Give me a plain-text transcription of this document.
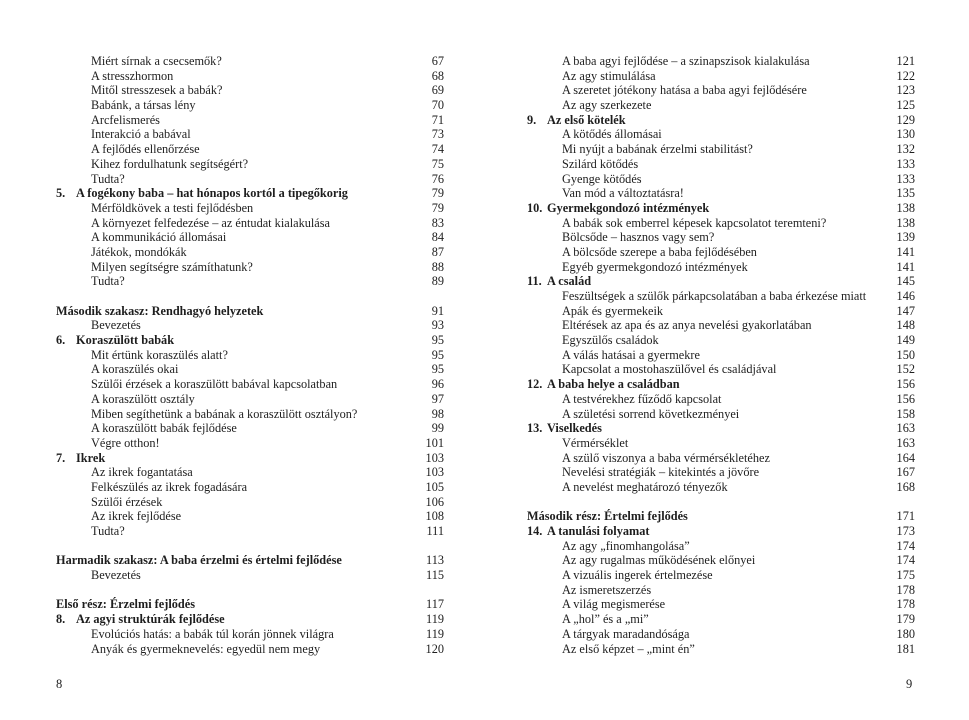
Miért sírnak a csecsemők?	67
A stresszhormon	68
Mitől stresszesek a babák?	69
Babánk, a társas lény	70
Arcfelismerés	71
Interakció a babával	73
A fejlődés ellenőrzése	74
Kihez fordulhatunk segítségért?	75
Tudta?	76
5. A fogékony baba – hat hónapos kortól a tipegőkorig	79
Mérföldkövek a testi fejlődésben	79
A környezet felfedezése – az éntudat kialakulása	83
A kommunikáció állomásai	84
Játékok, mondókák	87
Milyen segítségre számíthatunk?	88
Tudta?	89
Második szakasz: Rendhagyó helyzetek	91
Bevezetés	93
6. Koraszülött babák	95
Mit értünk koraszülés alatt?	95
A koraszülés okai	95
Szülői érzések a koraszülött babával kapcsolatban	96
A koraszülött osztály	97
Miben segíthetünk a babának a koraszülött osztályon?	98
A koraszülött babák fejlődése	99
Végre otthon!	101
7. Ikrek	103
Az ikrek fogantatása	103
Felkészülés az ikrek fogadására	105
Szülői érzések	106
Az ikrek fejlődése	108
Tudta?	111
Harmadik szakasz: A baba érzelmi és értelmi fejlődése	113
Bevezetés	115
Első rész: Érzelmi fejlődés	117
8. Az agyi struktúrák fejlődése	119
Evolúciós hatás: a babák túl korán jönnek világra	119
Anyák és gyermeknevelés: egyedül nem megy	120
A baba agyi fejlődése – a szinapszisok kialakulása	121
Az agy stimulálása	122
A szeretet jótékony hatása a baba agyi fejlődésére	123
Az agy szerkezete	125
9. Az első kötelék	129
A kötődés állomásai	130
Mi nyújt a babának érzelmi stabilitást?	132
Szilárd kötődés	133
Gyenge kötődés	133
Van mód a változtatásra!	135
10. Gyermekgondozó intézmények	138
A babák sok emberrel képesek kapcsolatot teremteni?	138
Bölcsőde – hasznos vagy sem?	139
A bölcsőde szerepe a baba fejlődésében	141
Egyéb gyermekgondozó intézmények	141
11. A család	145
Feszültségek a szülők párkapcsolatában a baba érkezése miatt 146
Apák és gyermekeik	147
Eltérések az apa és az anya nevelési gyakorlatában	148
Egyszülős családok	149
A válás hatásai a gyermekre	150
Kapcsolat a mostohaszülővel és családjával	152
12. A baba helye a családban	156
A testvérekhez fűződő kapcsolat	156
A születési sorrend következményei	158
13. Viselkedés	163
Vérmérséklet	163
A szülő viszonya a baba vérmérsékletéhez	164
Nevelési stratégiák – kitekintés a jövőre	167
A nevelést meghatározó tényezők	168
Második rész: Értelmi fejlődés	171
14. A tanulási folyamat	173
Az agy „finomhangolása”	174
Az agy rugalmas működésének előnyei	174
A vizuális ingerek értelmezése	175
Az ismeretszerzés	178
A világ megismerése	178
A „hol” és a „mi”	179
A tárgyak maradandósága	180
Az első képzet – „mint én”	181
8	9
